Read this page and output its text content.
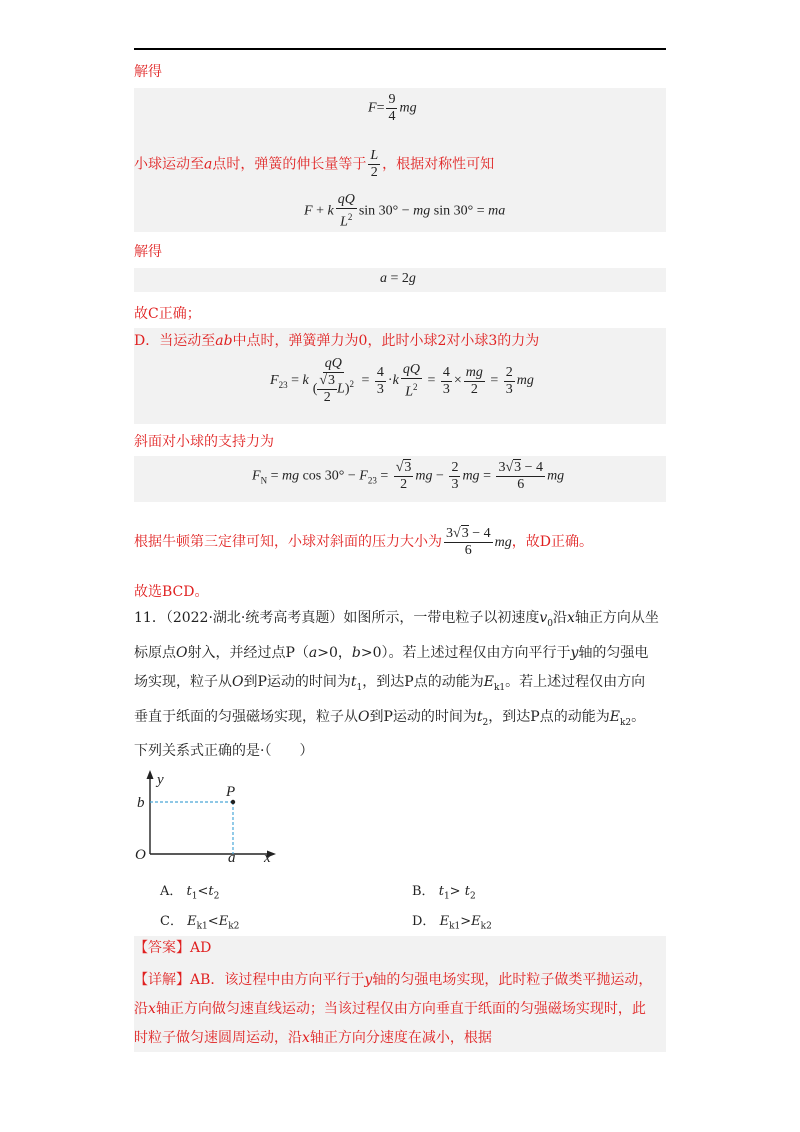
解得
$F= \frac{9}{4}$ mg
小球运动至a点时，弹簧的伸长量等于 $\frac{L}{2}$ ，根据对称性可知
F + k $\frac{qQ}{L^2}$ sin 30° − mg sin 30° = ma
解得
a = 2g
故C正确；
D．当运动至ab中点时，弹簧弹力为0，此时小球2对小球3的力为
$F_{23} = k \frac{qQ}{( \frac{√3}{2} L)^2} = \frac{4}{3} \cdot k \frac{qQ}{L^2} = \frac{4}{3} \times \frac{mg}{2} = \frac{2}{3}$ mg
斜面对小球的支持力为
$F_N$ = mg $\cos 30^\circ - F_{23} = \frac{√3}{2}$ mg − $\frac{2}{3}$ mg = $\frac{3√3 - 4}{6}$ mg
根据牛顿第三定律可知，小球对斜面的压力大小为 $\frac{3√3 - 4}{6}$ mg，故D正确。
故选BCD。
11．（2022·湖北·统考高考真题）如图所示，一带电粒子以初速度$v_0$沿x轴正方向从坐
标原点O射入，并经过点P（a>0，b>0）。若上述过程仅由方向平行于y轴的匀强电
场实现，粒子从O到P运动的时间为$t_1$，到达P点的动能为$E_{k1}$。若上述过程仅由方向
垂直于纸面的匀强磁场实现，粒子从O到P运动的时间为$t_2$，到达P点的动能为$E_{k2}$。
下列关系式正确的是·（　　）
y
x
O	a
b
P
A． $t_1<t_2$	B． $t_1> t_2$
C． $E_{k1}<E_{k2}$	D． $E_{k1}>E_{k2}$
【答案】AD
【详解】AB．该过程中由方向平行于y轴的匀强电场实现，此时粒子做类平抛运动，
沿x轴正方向做匀速直线运动；当该过程仅由方向垂直于纸面的匀强磁场实现时，此
时粒子做匀速圆周运动，沿x轴正方向分速度在减小，根据
